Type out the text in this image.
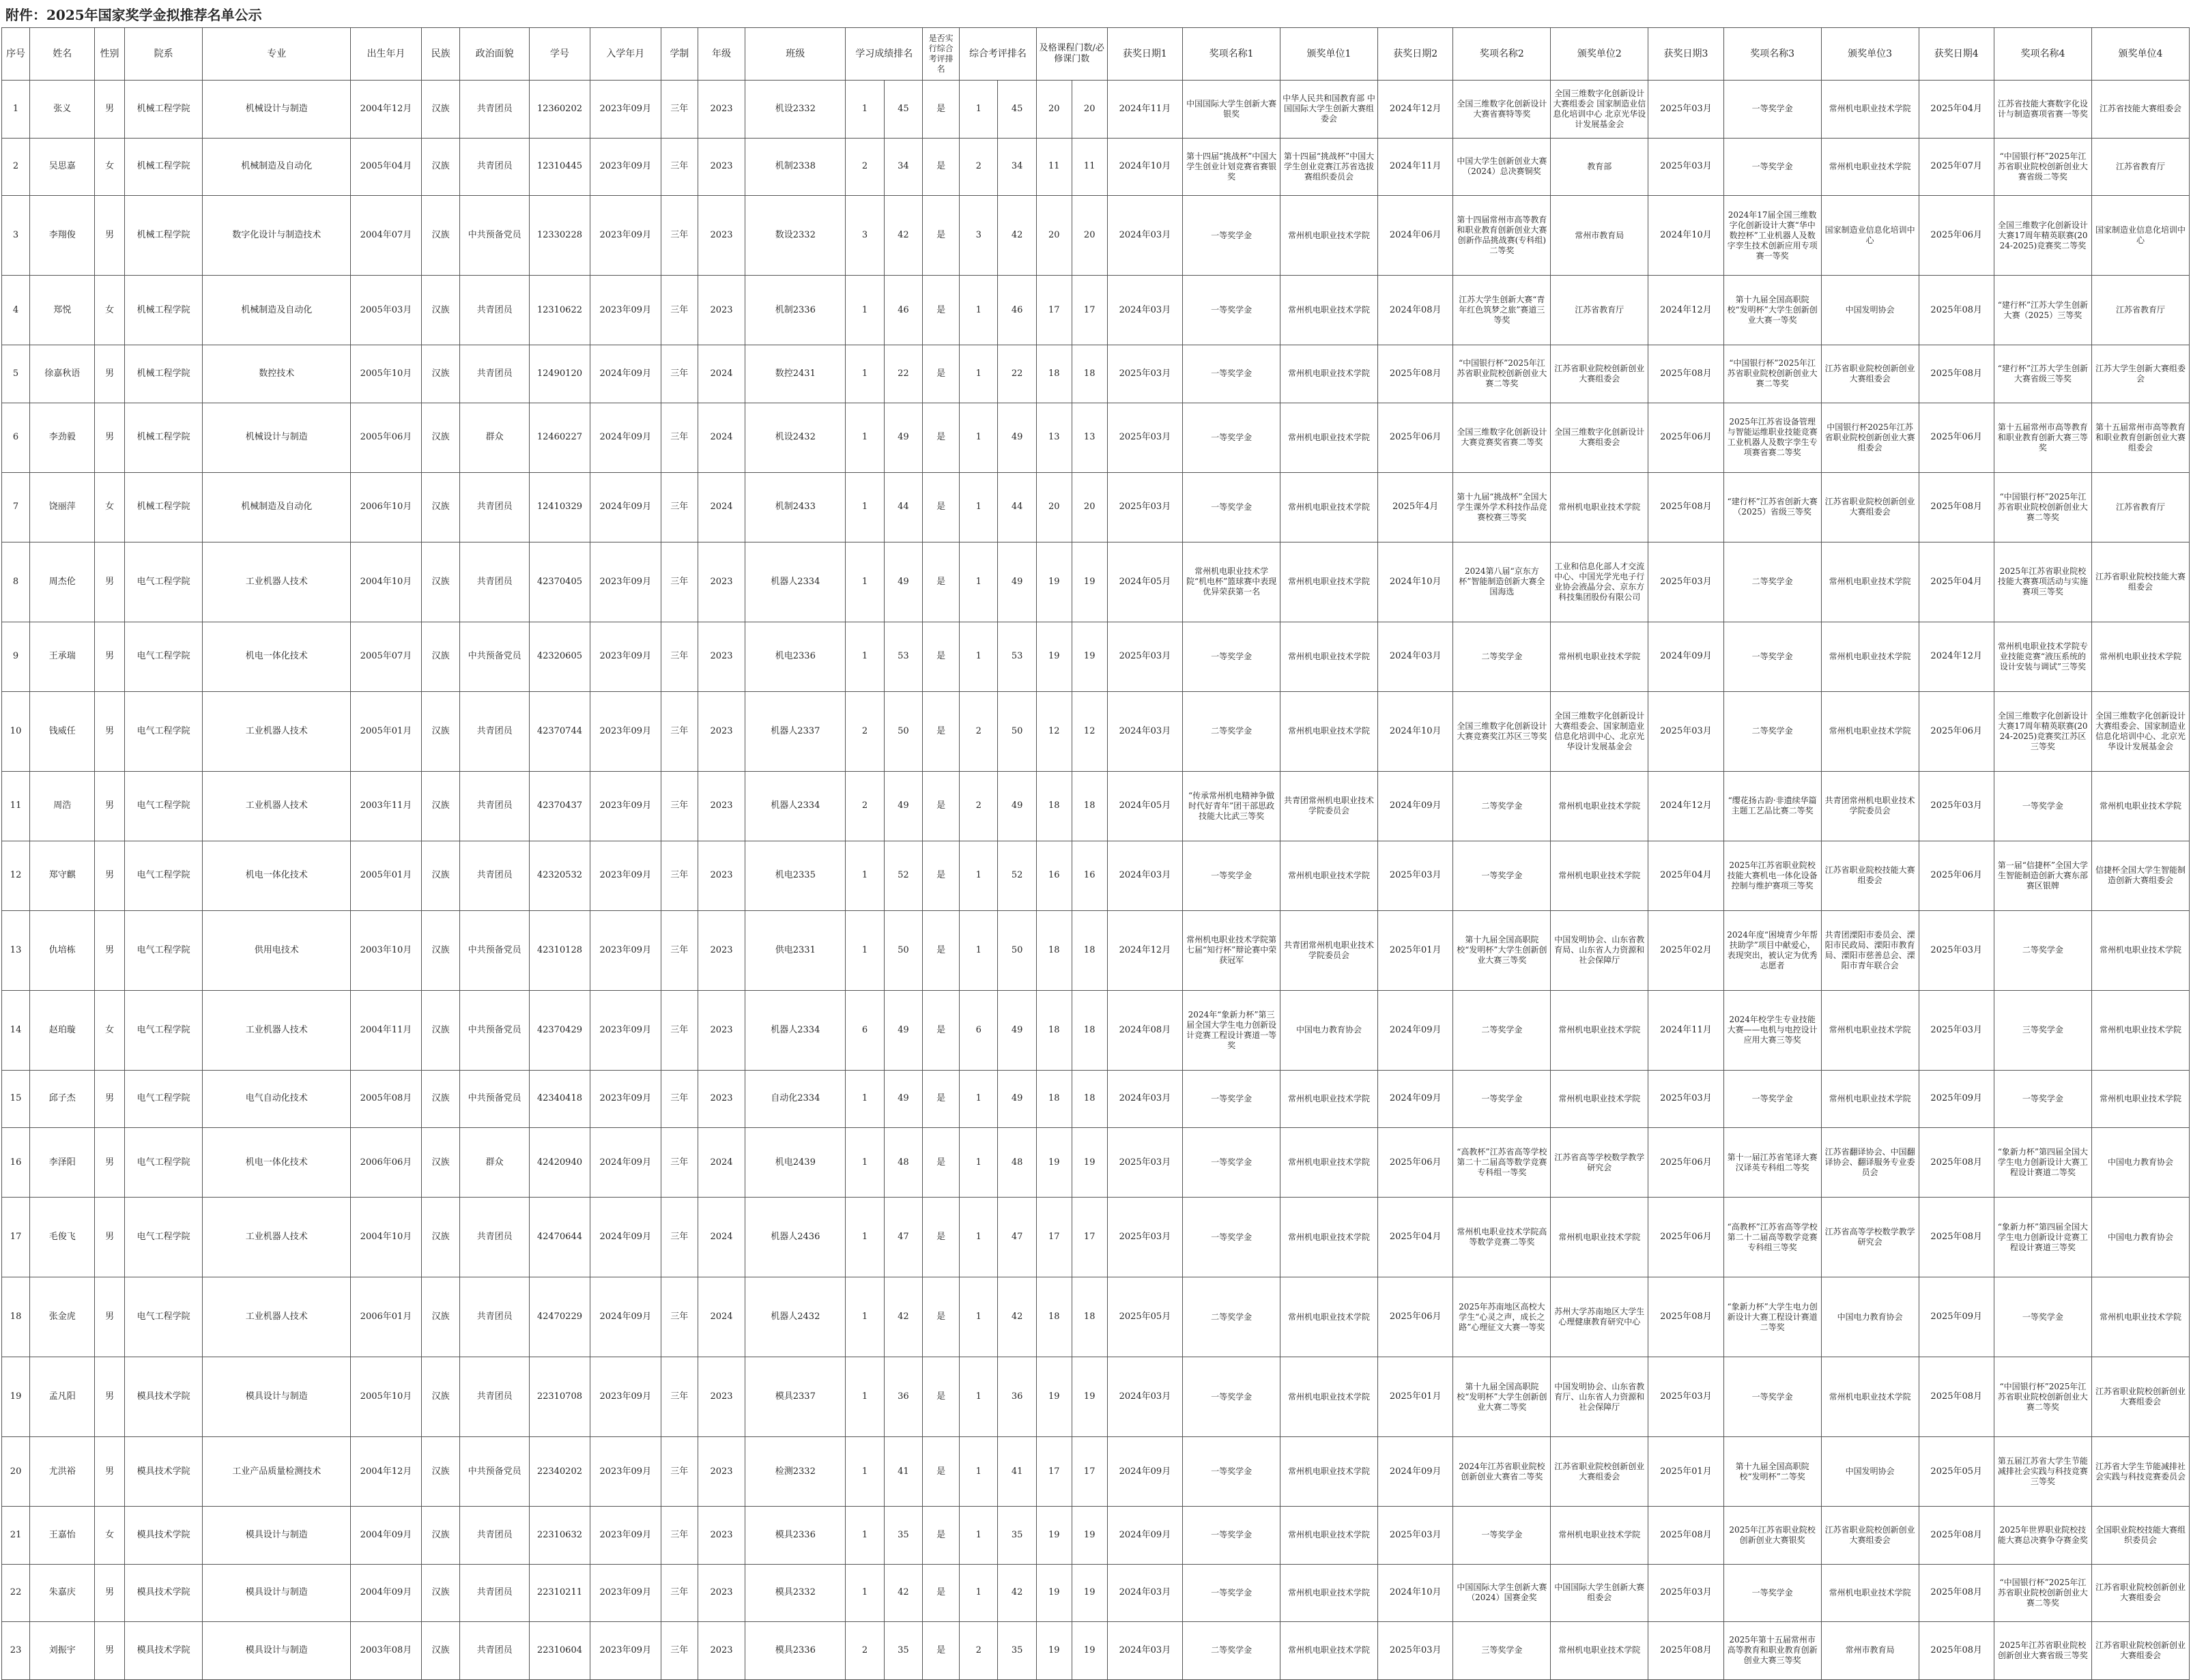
附件：2025年国家奖学金拟推荐名单公示
序号	姓名	性别	院系	专业	出生年月	民族	政治面貌	学号	入学年月	学制	年级	班级	学习成绩排名		是否实行综合考评排名	综合考评排名		及格课程门数/必修课门数		获奖日期1	奖项名称1	颁奖单位1	获奖日期2	奖项名称2	颁奖单位2	获奖日期3	奖项名称3	颁奖单位3	获奖日期4	奖项名称4	颁奖单位4
1	张义	男	机械工程学院	机械设计与制造	2004年12月	汉族	共青团员	12360202	2023年09月	三年	2023	机设2332	1	45	是	1	45	20	20	2024年11月	中国国际大学生创新大赛银奖	中华人民共和国教育部 中国国际大学生创新大赛组委会	2024年12月	全国三维数字化创新设计大赛省赛特等奖	全国三维数字化创新设计大赛组委会 国家制造业信息化培训中心 北京光华设计发展基金会	2025年03月	一等奖学金	常州机电职业技术学院	2025年04月	江苏省技能大赛数字化设计与制造赛项省赛一等奖	江苏省技能大赛组委会
2	吴思嘉	女	机械工程学院	机械制造及自动化	2005年04月	汉族	共青团员	12310445	2023年09月	三年	2023	机制2338	2	34	是	2	34	11	11	2024年10月	第十四届“挑战杯”中国大学生创业计划竞赛省赛银奖	第十四届“挑战杯”中国大学生创业竞赛江苏省选拔赛组织委员会	2024年11月	中国大学生创新创业大赛（2024）总决赛铜奖	教育部	2025年03月	一等奖学金	常州机电职业技术学院	2025年07月	“中国银行杯”2025年江苏省职业院校创新创业大赛省级二等奖	江苏省教育厅
3	李翔俊	男	机械工程学院	数字化设计与制造技术	2004年07月	汉族	中共预备党员	12330228	2023年09月	三年	2023	数设2332	3	42	是	3	42	20	20	2024年03月	一等奖学金	常州机电职业技术学院	2024年06月	第十四届常州市高等教育和职业教育创新创业大赛创新作品挑战赛(专科组)二等奖	常州市教育局	2024年10月	2024年17届全国三维数字化创新设计大赛“华中数控杯”工业机器人及数字孪生技术创新应用专项赛一等奖	国家制造业信息化培训中心	2025年06月	全国三维数字化创新设计大赛17周年精英联赛(2024-2025)竞赛奖二等奖	国家制造业信息化培训中心
4	郑悦	女	机械工程学院	机械制造及自动化	2005年03月	汉族	共青团员	12310622	2023年09月	三年	2023	机制2336	1	46	是	1	46	17	17	2024年03月	一等奖学金	常州机电职业技术学院	2024年08月	江苏大学生创新大赛“青年红色筑梦之旅”赛道三等奖	江苏省教育厅	2024年12月	第十九届全国高职院校“发明杯”大学生创新创业大赛一等奖	中国发明协会	2025年08月	“建行杯”江苏大学生创新大赛（2025）三等奖	江苏省教育厅
5	徐嘉秋语	男	机械工程学院	数控技术	2005年10月	汉族	共青团员	12490120	2024年09月	三年	2024	数控2431	1	22	是	1	22	18	18	2025年03月	一等奖学金	常州机电职业技术学院	2025年08月	“中国银行杯”2025年江苏省职业院校创新创业大赛二等奖	江苏省职业院校创新创业大赛组委会	2025年08月	“中国银行杯”2025年江苏省职业院校创新创业大赛二等奖	江苏省职业院校创新创业大赛组委会	2025年08月	“建行杯”江苏大学生创新大赛省级三等奖	江苏大学生创新大赛组委会
6	李劲毅	男	机械工程学院	机械设计与制造	2005年06月	汉族	群众	12460227	2024年09月	三年	2024	机设2432	1	49	是	1	49	13	13	2025年03月	一等奖学金	常州机电职业技术学院	2025年06月	全国三维数字化创新设计大赛竞赛奖省赛二等奖	全国三维数字化创新设计大赛组委会	2025年06月	2025年江苏省设备管理与智能运维职业技能竞赛工业机器人及数字孪生专项赛省赛二等奖	中国银行杯2025年江苏省职业院校创新创业大赛组委会	2025年06月	第十五届常州市高等教育和职业教育创新大赛三等奖	第十五届常州市高等教育和职业教育创新创业大赛组委会
7	饶丽萍	女	机械工程学院	机械制造及自动化	2006年10月	汉族	共青团员	12410329	2024年09月	三年	2024	机制2433	1	44	是	1	44	20	20	2025年03月	一等奖学金	常州机电职业技术学院	2025年4月	第十九届“挑战杯”全国大学生课外学术科技作品竞赛校赛三等奖	常州机电职业技术学院	2025年08月	“建行杯”江苏省创新大赛（2025）省级三等奖	江苏省职业院校创新创业大赛组委会	2025年08月	“中国银行杯”2025年江苏省职业院校创新创业大赛二等奖	江苏省教育厅
8	周杰伦	男	电气工程学院	工业机器人技术	2004年10月	汉族	共青团员	42370405	2023年09月	三年	2023	机器人2334	1	49	是	1	49	19	19	2024年05月	常州机电职业技术学院“机电杯”篮球赛中表现优异荣获第一名	常州机电职业技术学院	2024年10月	2024第八届“京东方杯”智能制造创新大赛全国海选	工业和信息化部人才交流中心、中国光学光电子行业协会液晶分会、京东方科技集团股份有限公司	2025年03月	二等奖学金	常州机电职业技术学院	2025年04月	2025年江苏省职业院校技能大赛赛项活动与实施赛项三等奖	江苏省职业院校技能大赛组委会
9	王承瑞	男	电气工程学院	机电一体化技术	2005年07月	汉族	中共预备党员	42320605	2023年09月	三年	2023	机电2336	1	53	是	1	53	19	19	2025年03月	一等奖学金	常州机电职业技术学院	2024年03月	二等奖学金	常州机电职业技术学院	2024年09月	一等奖学金	常州机电职业技术学院	2024年12月	常州机电职业技术学院专业技能竞赛“液压系统的设计安装与调试”三等奖	常州机电职业技术学院
10	钱威任	男	电气工程学院	工业机器人技术	2005年01月	汉族	共青团员	42370744	2023年09月	三年	2023	机器人2337	2	50	是	2	50	12	12	2024年03月	二等奖学金	常州机电职业技术学院	2024年10月	全国三维数字化创新设计大赛竞赛奖江苏区三等奖	全国三维数字化创新设计大赛组委会、国家制造业信息化培训中心、北京光华设计发展基金会	2025年03月	二等奖学金	常州机电职业技术学院	2025年06月	全国三维数字化创新设计大赛17周年精英联赛(2024-2025)竞赛奖江苏区三等奖	全国三维数字化创新设计大赛组委会、国家制造业信息化培训中心、北京光华设计发展基金会
11	周浩	男	电气工程学院	工业机器人技术	2003年11月	汉族	共青团员	42370437	2023年09月	三年	2023	机器人2334	2	49	是	2	49	18	18	2024年05月	“传承常州机电精神争做时代好青年”团干部思政技能大比武三等奖	共青团常州机电职业技术学院委员会	2024年09月	二等奖学金	常州机电职业技术学院	2024年12月	“缨花扬古韵·非遗续华篇主题工艺品比赛二等奖	共青团常州机电职业技术学院委员会	2025年03月	一等奖学金	常州机电职业技术学院
12	郑守麒	男	电气工程学院	机电一体化技术	2005年01月	汉族	共青团员	42320532	2023年09月	三年	2023	机电2335	1	52	是	1	52	16	16	2024年03月	一等奖学金	常州机电职业技术学院	2025年03月	一等奖学金	常州机电职业技术学院	2025年04月	2025年江苏省职业院校技能大赛机电一体化设备控制与维护赛项三等奖	江苏省职业院校技能大赛组委会	2025年06月	第一届“信捷杯”全国大学生智能制造创新大赛东部赛区银牌	信捷杯全国大学生智能制造创新大赛组委会
13	仇培栋	男	电气工程学院	供用电技术	2003年10月	汉族	中共预备党员	42310128	2023年09月	三年	2023	供电2331	1	50	是	1	50	18	18	2024年12月	常州机电职业技术学院第七届“知行杯”辩论赛中荣获冠军	共青团常州机电职业技术学院委员会	2025年01月	第十九届全国高职院校“发明杯”大学生创新创业大赛三等奖	中国发明协会、山东省教育局、山东省人力资源和社会保障厅	2025年02月	2024年度“困境青少年帮扶助学”项目中献爱心，表现突出，被认定为优秀志愿者	共青团溧阳市委员会、溧阳市民政局、溧阳市教育局、溧阳市慈善总会、溧阳市青年联合会	2025年03月	二等奖学金	常州机电职业技术学院
14	赵珀璇	女	电气工程学院	工业机器人技术	2004年11月	汉族	中共预备党员	42370429	2023年09月	三年	2023	机器人2334	6	49	是	6	49	18	18	2024年08月	2024年“象新力杯”第三届全国大学生电力创新设计竞赛工程设计赛道一等奖	中国电力教育协会	2024年09月	二等奖学金	常州机电职业技术学院	2024年11月	2024年校学生专业技能大赛——电机与电控设计应用大赛三等奖	常州机电职业技术学院	2025年03月	三等奖学金	常州机电职业技术学院
15	邱子杰	男	电气工程学院	电气自动化技术	2005年08月	汉族	中共预备党员	42340418	2023年09月	三年	2023	自动化2334	1	49	是	1	49	18	18	2024年03月	一等奖学金	常州机电职业技术学院	2024年09月	一等奖学金	常州机电职业技术学院	2025年03月	一等奖学金	常州机电职业技术学院	2025年09月	一等奖学金	常州机电职业技术学院
16	李泽阳	男	电气工程学院	机电一体化技术	2006年06月	汉族	群众	42420940	2024年09月	三年	2024	机电2439	1	48	是	1	48	19	19	2025年03月	一等奖学金	常州机电职业技术学院	2025年06月	“高教杯”江苏省高等学校第二十二届高等数学竞赛专科组一等奖	江苏省高等学校数学教学研究会	2025年06月	第十一届江苏省笔译大赛汉译英专科组二等奖	江苏省翻译协会、中国翻译协会、翻译服务专业委员会	2025年08月	“象新力杯”第四届全国大学生电力创新设计大赛工程设计赛道二等奖	中国电力教育协会
17	毛俊飞	男	电气工程学院	工业机器人技术	2004年10月	汉族	共青团员	42470644	2024年09月	三年	2024	机器人2436	1	47	是	1	47	17	17	2025年03月	一等奖学金	常州机电职业技术学院	2025年04月	常州机电职业技术学院高等数学竞赛二等奖	常州机电职业技术学院	2025年06月	“高教杯”江苏省高等学校第二十二届高等数学竞赛专科组三等奖	江苏省高等学校数学教学研究会	2025年08月	“象新力杯”第四届全国大学生电力创新设计竞赛工程设计赛道三等奖	中国电力教育协会
18	张金虎	男	电气工程学院	工业机器人技术	2006年01月	汉族	共青团员	42470229	2024年09月	三年	2024	机器人2432	1	42	是	1	42	18	18	2025年05月	二等奖学金	常州机电职业技术学院	2025年06月	2025年苏南地区高校大学生“心灵之声，成长之路”心理征文大赛一等奖	苏州大学苏南地区大学生心理健康教育研究中心	2025年08月	“象新力杯”大学生电力创新设计大赛工程设计赛道二等奖	中国电力教育协会	2025年09月	一等奖学金	常州机电职业技术学院
19	孟凡阳	男	模具技术学院	模具设计与制造	2005年10月	汉族	共青团员	22310708	2023年09月	三年	2023	模具2337	1	36	是	1	36	19	19	2024年03月	一等奖学金	常州机电职业技术学院	2025年01月	第十九届全国高职院校“发明杯”大学生创新创业大赛二等奖	中国发明协会、山东省教育厅、山东省人力资源和社会保障厅	2025年03月	一等奖学金	常州机电职业技术学院	2025年08月	“中国银行杯”2025年江苏省职业院校创新创业大赛二等奖	江苏省职业院校创新创业大赛组委会
20	尤洪裕	男	模具技术学院	工业产品质量检测技术	2004年12月	汉族	中共预备党员	22340202	2023年09月	三年	2023	检测2332	1	41	是	1	41	17	17	2024年09月	一等奖学金	常州机电职业技术学院	2024年09月	2024年江苏省职业院校创新创业大赛省二等奖	江苏省职业院校创新创业大赛组委会	2025年01月	第十九届全国高职院校“发明杯”二等奖	中国发明协会	2025年05月	第五届江苏省大学生节能减排社会实践与科技竞赛三等奖	江苏省大学生节能减排社会实践与科技竞赛委员会
21	王嘉怡	女	模具技术学院	模具设计与制造	2004年09月	汉族	共青团员	22310632	2023年09月	三年	2023	模具2336	1	35	是	1	35	19	19	2024年09月	一等奖学金	常州机电职业技术学院	2025年03月	一等奖学金	常州机电职业技术学院	2025年08月	2025年江苏省职业院校创新创业大赛银奖	江苏省职业院校创新创业大赛组委会	2025年08月	2025年世界职业院校技能大赛总决赛争夺赛金奖	全国职业院校技能大赛组织委员会
22	朱嘉庆	男	模具技术学院	模具设计与制造	2004年09月	汉族	共青团员	22310211	2023年09月	三年	2023	模具2332	1	42	是	1	42	19	19	2024年03月	一等奖学金	常州机电职业技术学院	2024年10月	中国国际大学生创新大赛（2024）国赛金奖	中国国际大学生创新大赛组委会	2025年03月	一等奖学金	常州机电职业技术学院	2025年08月	“中国银行杯”2025年江苏省职业院校创新创业大赛二等奖	江苏省职业院校创新创业大赛组委会
23	刘振宇	男	模具技术学院	模具设计与制造	2003年08月	汉族	共青团员	22310604	2023年09月	三年	2023	模具2336	2	35	是	2	35	19	19	2024年03月	二等奖学金	常州机电职业技术学院	2025年03月	三等奖学金	常州机电职业技术学院	2025年08月	2025年第十五届常州市高等教育和职业教育创新创业大赛三等奖	常州市教育局	2025年08月	2025年江苏省职业院校创新创业大赛省级三等奖	江苏省职业院校创新创业大赛组委会
